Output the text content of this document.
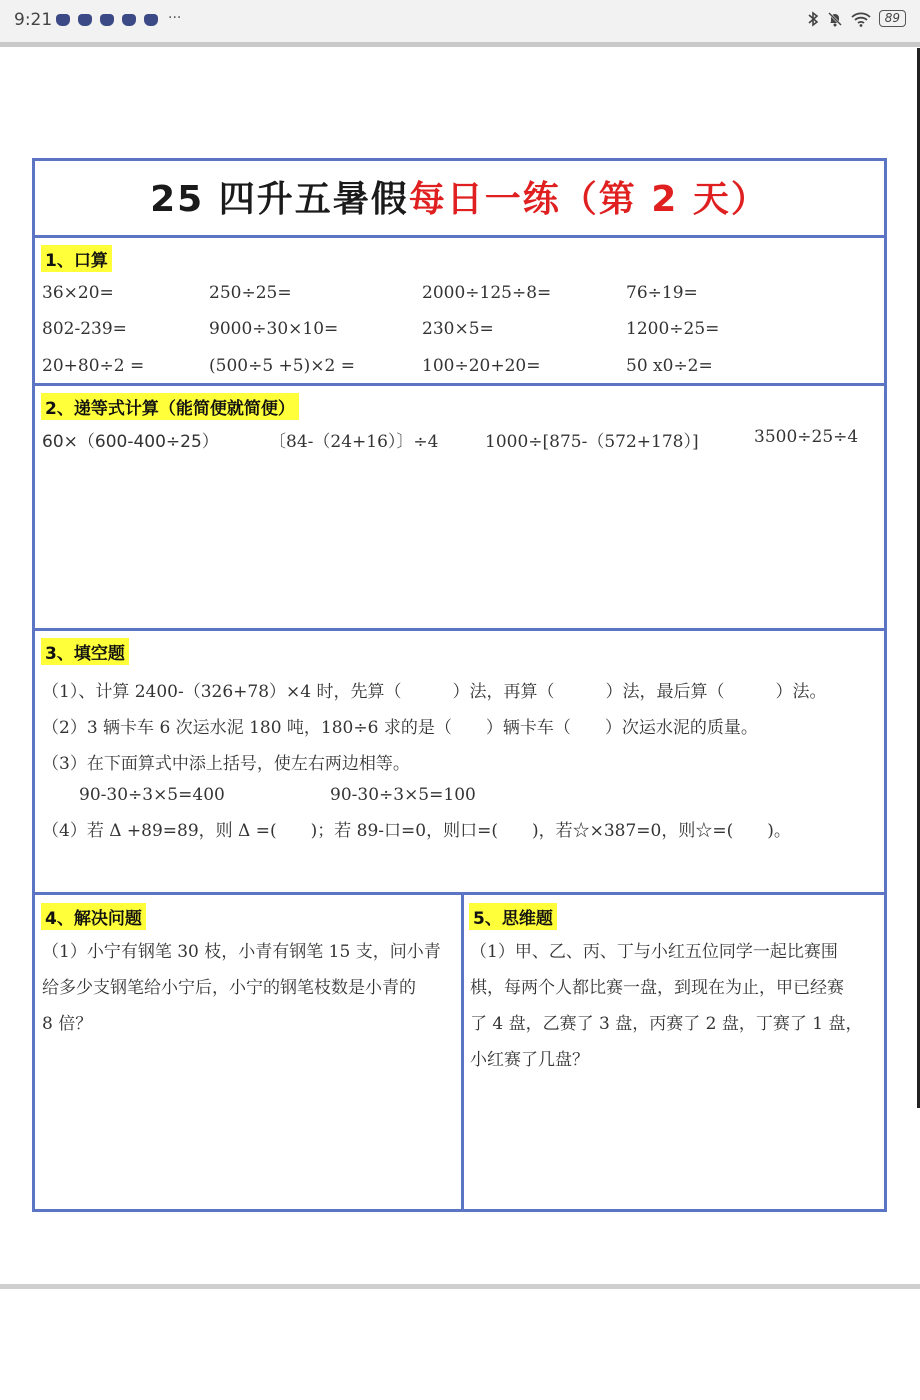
9:21	···	89
25 四升五暑假每日一练（第 2 天）
1、口算
36×20=	250÷25=	2000÷125÷8=	76÷19=
802-239=	9000÷30×10=	230×5=	1200÷25=
20+80÷2 =	(500÷5 +5)×2 =	100÷20+20=	50 x0÷2=
2、递等式计算（能简便就简便）
60×（600-400÷25）	〔84-（24+16）〕÷4	1000÷[875-（572+178）]	3500÷25÷4
3、填空题
（1）、计算 2400-（326+78）×4 时，先算（　　　）法，再算（　　　）法，最后算（　　　）法。
（2）3 辆卡车 6 次运水泥 180 吨，180÷6 求的是（　　）辆卡车（　　）次运水泥的质量。
（3）在下面算式中添上括号，使左右两边相等。
90-30÷3×5=400	90-30÷3×5=100
（4）若 Δ +89=89，则 Δ =(　　)；若 89-口=0，则口=(　　)，若☆×387=0，则☆=(　　)。
4、解决问题
（1）小宁有钢笔 30 枝，小青有钢笔 15 支，问小青
给多少支钢笔给小宁后，小宁的钢笔枝数是小青的
8 倍？
5、思维题
（1）甲、乙、丙、丁与小红五位同学一起比赛围
棋，每两个人都比赛一盘，到现在为止，甲已经赛
了 4 盘，乙赛了 3 盘，丙赛了 2 盘，丁赛了 1 盘，
小红赛了几盘？
